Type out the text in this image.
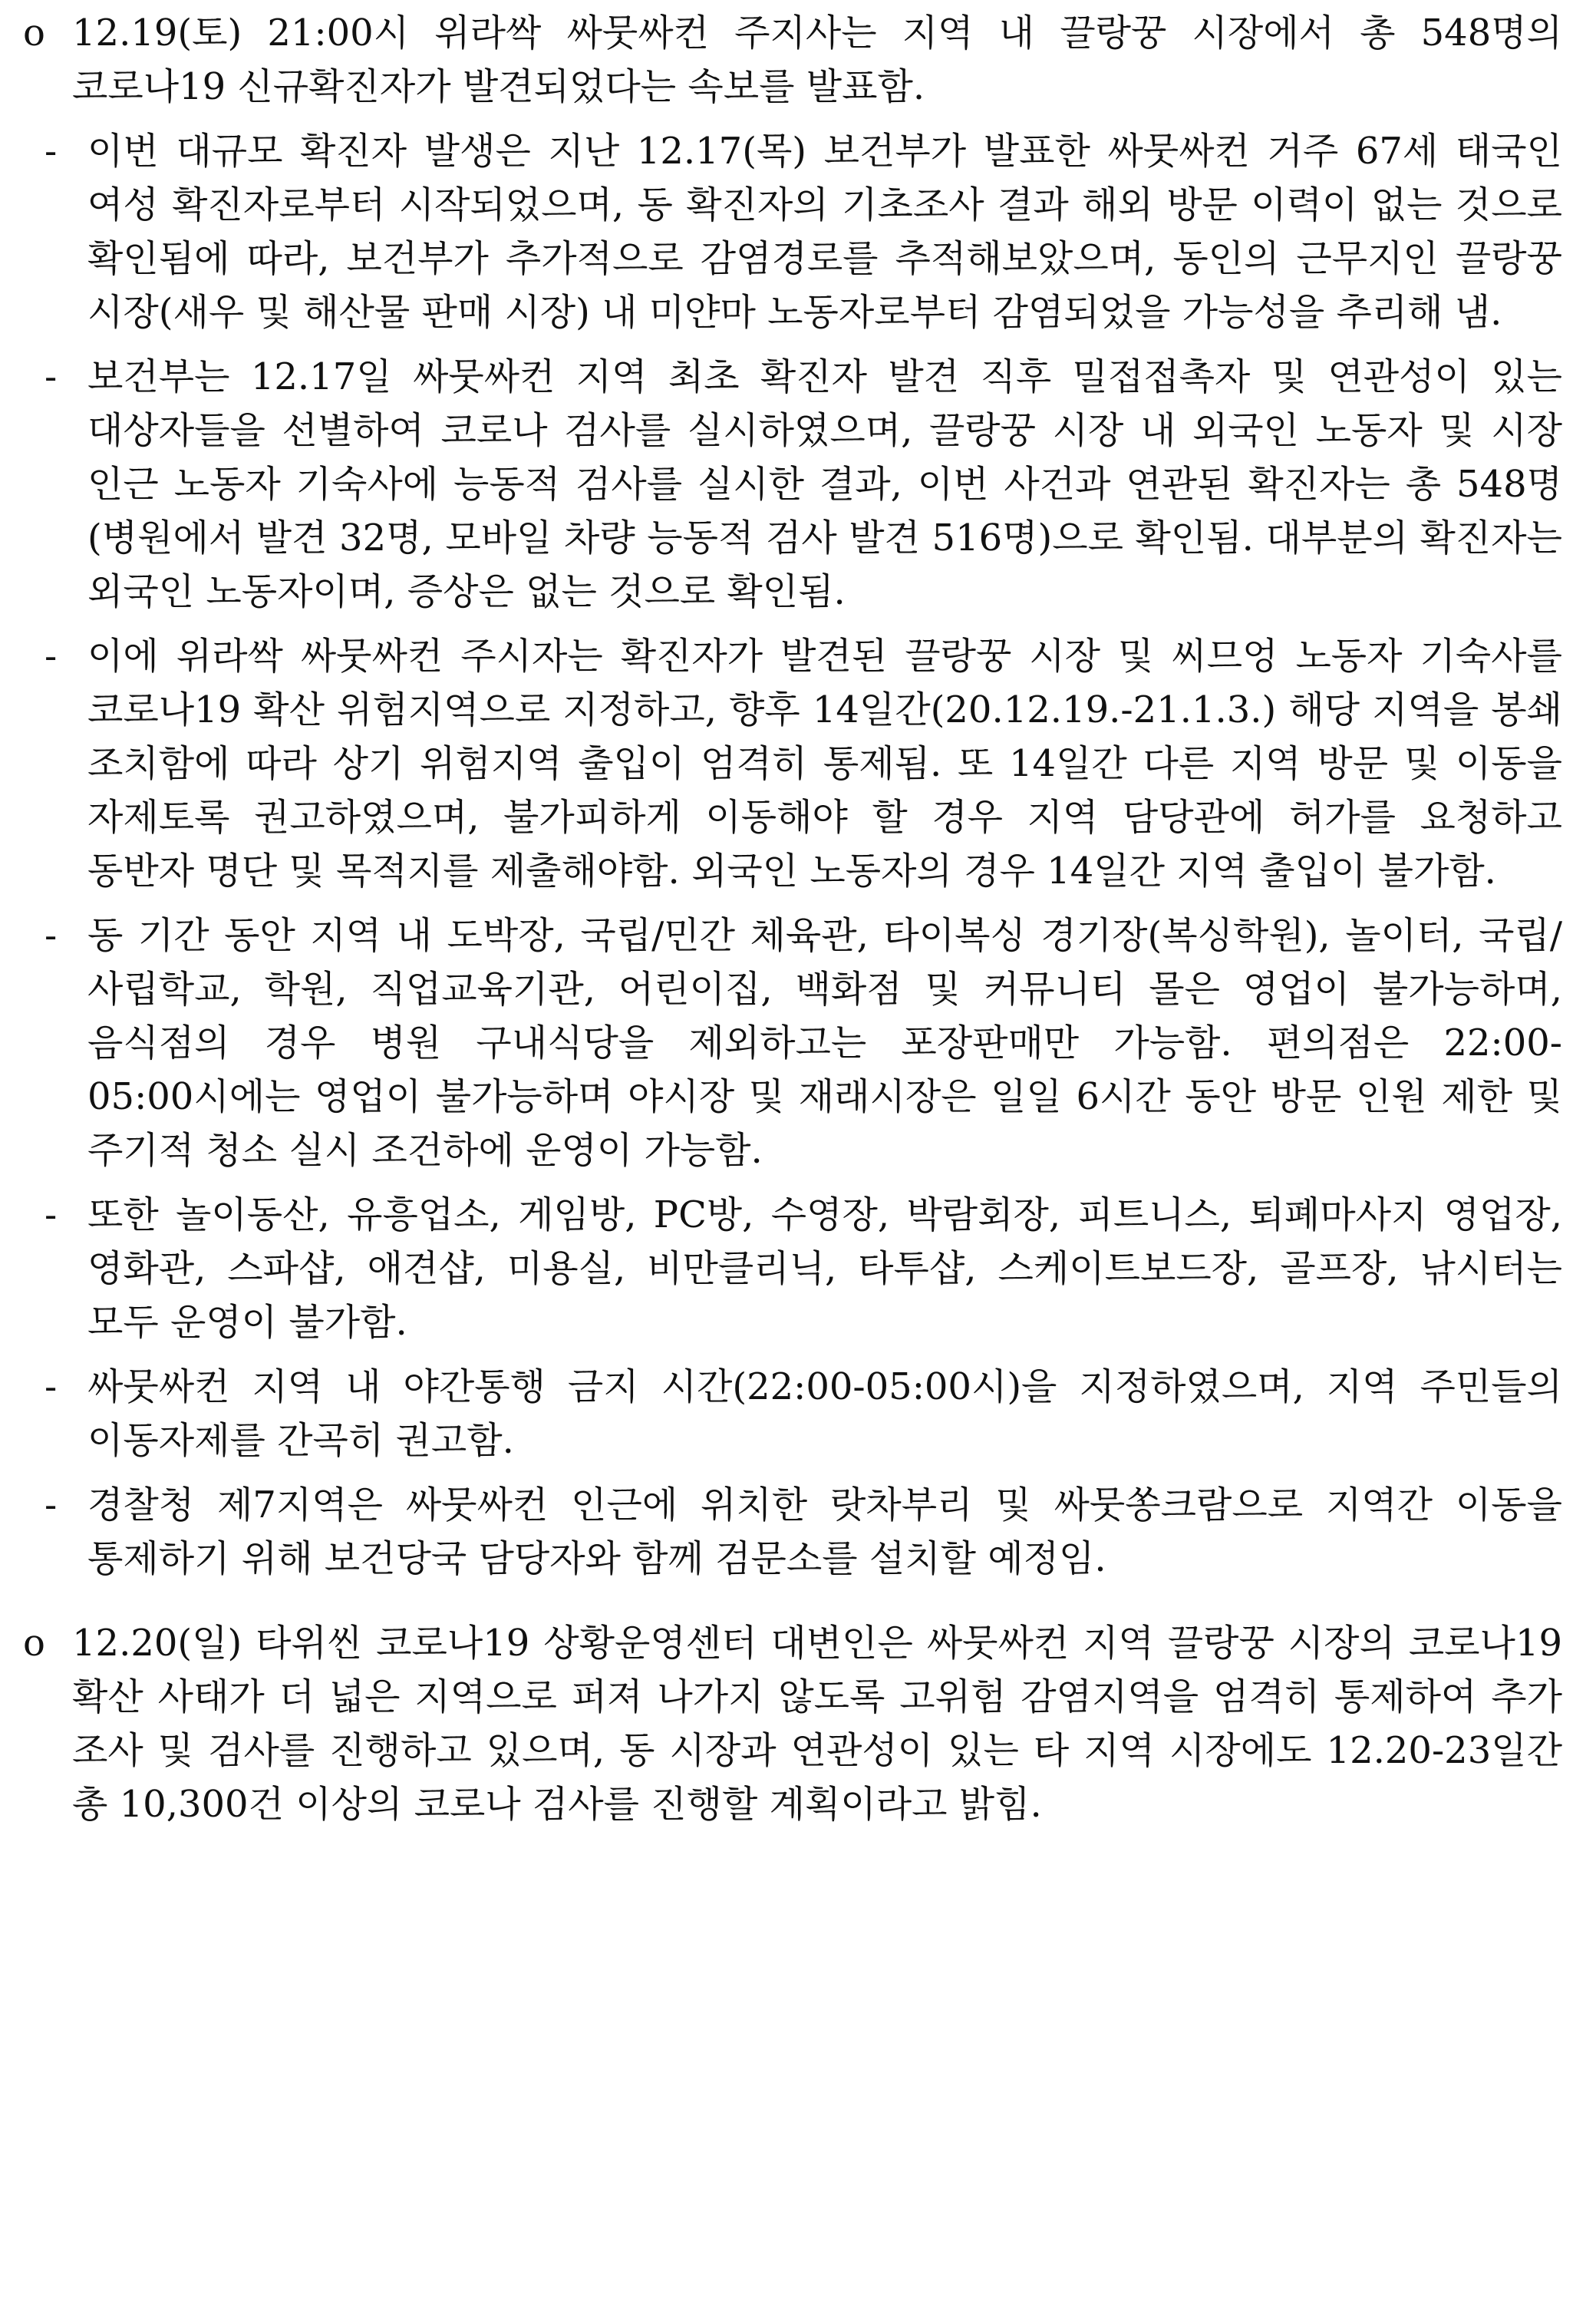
o 12.19(토) 21:00시 위라싹 싸뭇싸컨 주지사는 지역 내 끌랑꿍 시장에서 총 548명의 코로나19 신규확진자가 발견되었다는 속보를 발표함.
- 이번 대규모 확진자 발생은 지난 12.17(목) 보건부가 발표한 싸뭇싸컨 거주 67세 태국인 여성 확진자로부터 시작되었으며, 동 확진자의 기초조사 결과 해외 방문 이력이 없는 것으로 확인됨에 따라, 보건부가 추가적으로 감염경로를 추적해보았으며, 동인의 근무지인 끌랑꿍 시장(새우 및 해산물 판매 시장) 내 미얀마 노동자로부터 감염되었을 가능성을 추리해 냄.
- 보건부는 12.17일 싸뭇싸컨 지역 최초 확진자 발견 직후 밀접접촉자 및 연관성이 있는 대상자들을 선별하여 코로나 검사를 실시하였으며, 끌랑꿍 시장 내 외국인 노동자 및 시장 인근 노동자 기숙사에 능동적 검사를 실시한 결과, 이번 사건과 연관된 확진자는 총 548명(병원에서 발견 32명, 모바일 차량 능동적 검사 발견 516명)으로 확인됨. 대부분의 확진자는 외국인 노동자이며, 증상은 없는 것으로 확인됨.
- 이에 위라싹 싸뭇싸컨 주시자는 확진자가 발견된 끌랑꿍 시장 및 씨므엉 노동자 기숙사를 코로나19 확산 위험지역으로 지정하고, 향후 14일간(20.12.19.-21.1.3.) 해당 지역을 봉쇄 조치함에 따라 상기 위험지역 출입이 엄격히 통제됨. 또 14일간 다른 지역 방문 및 이동을 자제토록 권고하였으며, 불가피하게 이동해야 할 경우 지역 담당관에 허가를 요청하고 동반자 명단 및 목적지를 제출해야함. 외국인 노동자의 경우 14일간 지역 출입이 불가함.
- 동 기간 동안 지역 내 도박장, 국립/민간 체육관, 타이복싱 경기장(복싱학원), 놀이터, 국립/사립학교, 학원, 직업교육기관, 어린이집, 백화점 및 커뮤니티 몰은 영업이 불가능하며, 음식점의 경우 병원 구내식당을 제외하고는 포장판매만 가능함. 편의점은 22:00-05:00시에는 영업이 불가능하며 야시장 및 재래시장은 일일 6시간 동안 방문 인원 제한 및 주기적 청소 실시 조건하에 운영이 가능함.
- 또한 놀이동산, 유흥업소, 게임방, PC방, 수영장, 박람회장, 피트니스, 퇴폐마사지 영업장, 영화관, 스파샵, 애견샵, 미용실, 비만클리닉, 타투샵, 스케이트보드장, 골프장, 낚시터는 모두 운영이 불가함.
- 싸뭇싸컨 지역 내 야간통행 금지 시간(22:00-05:00시)을 지정하였으며, 지역 주민들의 이동자제를 간곡히 권고함.
- 경찰청 제7지역은 싸뭇싸컨 인근에 위치한 랏차부리 및 싸뭇쏭크람으로 지역간 이동을 통제하기 위해 보건당국 담당자와 함께 검문소를 설치할 예정임.
o 12.20(일) 타위씬 코로나19 상황운영센터 대변인은 싸뭇싸컨 지역 끌랑꿍 시장의 코로나19 확산 사태가 더 넓은 지역으로 퍼져 나가지 않도록 고위험 감염지역을 엄격히 통제하여 추가 조사 및 검사를 진행하고 있으며, 동 시장과 연관성이 있는 타 지역 시장에도 12.20-23일간 총 10,300건 이상의 코로나 검사를 진행할 계획이라고 밝힘.
